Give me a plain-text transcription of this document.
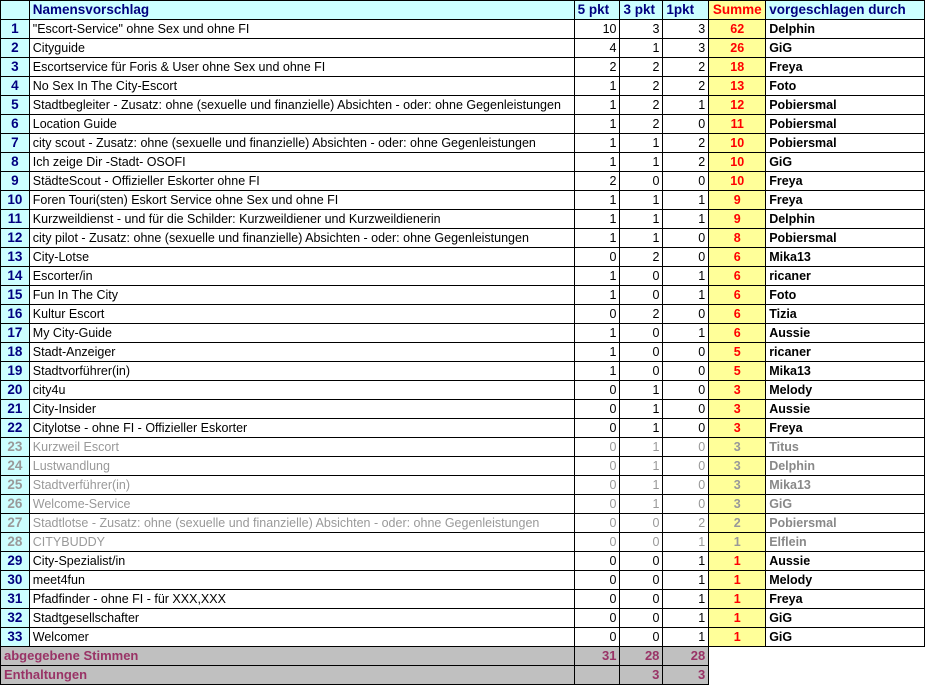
	Namensvorschlag	5 pkt	3 pkt	1pkt	Summe	vorgeschlagen durch
1	"Escort-Service" ohne Sex und ohne FI	10	3	3	62	Delphin
2	Cityguide	4	1	3	26	GiG
3	Escortservice für Foris & User ohne Sex und ohne FI	2	2	2	18	Freya
4	No Sex In The City-Escort	1	2	2	13	Foto
5	Stadtbegleiter - Zusatz: ohne (sexuelle und finanzielle) Absichten - oder: ohne Gegenleistungen	1	2	1	12	Pobiersmal
6	Location Guide	1	2	0	11	Pobiersmal
7	city scout - Zusatz: ohne (sexuelle und finanzielle) Absichten - oder: ohne Gegenleistungen	1	1	2	10	Pobiersmal
8	Ich zeige Dir -Stadt- OSOFI	1	1	2	10	GiG
9	StädteScout - Offizieller Eskorter ohne FI	2	0	0	10	Freya
10	Foren Touri(sten) Eskort Service ohne Sex und ohne FI	1	1	1	9	Freya
11	Kurzweildienst - und für die Schilder: Kurzweildiener und Kurzweildienerin	1	1	1	9	Delphin
12	city pilot - Zusatz: ohne (sexuelle und finanzielle) Absichten - oder: ohne Gegenleistungen	1	1	0	8	Pobiersmal
13	City-Lotse	0	2	0	6	Mika13
14	Escorter/in	1	0	1	6	ricaner
15	Fun In The City	1	0	1	6	Foto
16	Kultur Escort	0	2	0	6	Tizia
17	My City-Guide	1	0	1	6	Aussie
18	Stadt-Anzeiger	1	0	0	5	ricaner
19	Stadtvorführer(in)	1	0	0	5	Mika13
20	city4u	0	1	0	3	Melody
21	City-Insider	0	1	0	3	Aussie
22	Citylotse - ohne FI - Offizieller Eskorter	0	1	0	3	Freya
23	Kurzweil Escort	0	1	0	3	Titus
24	Lustwandlung	0	1	0	3	Delphin
25	Stadtverführer(in)	0	1	0	3	Mika13
26	Welcome-Service	0	1	0	3	GiG
27	Stadtlotse - Zusatz: ohne (sexuelle und finanzielle) Absichten - oder: ohne Gegenleistungen	0	0	2	2	Pobiersmal
28	CITYBUDDY	0	0	1	1	Elflein
29	City-Spezialist/in	0	0	1	1	Aussie
30	meet4fun	0	0	1	1	Melody
31	Pfadfinder - ohne FI - für XXX,XXX	0	0	1	1	Freya
32	Stadtgesellschafter	0	0	1	1	GiG
33	Welcomer	0	0	1	1	GiG
abgegebene Stimmen		31	28	28		
Enthaltungen			3	3		
